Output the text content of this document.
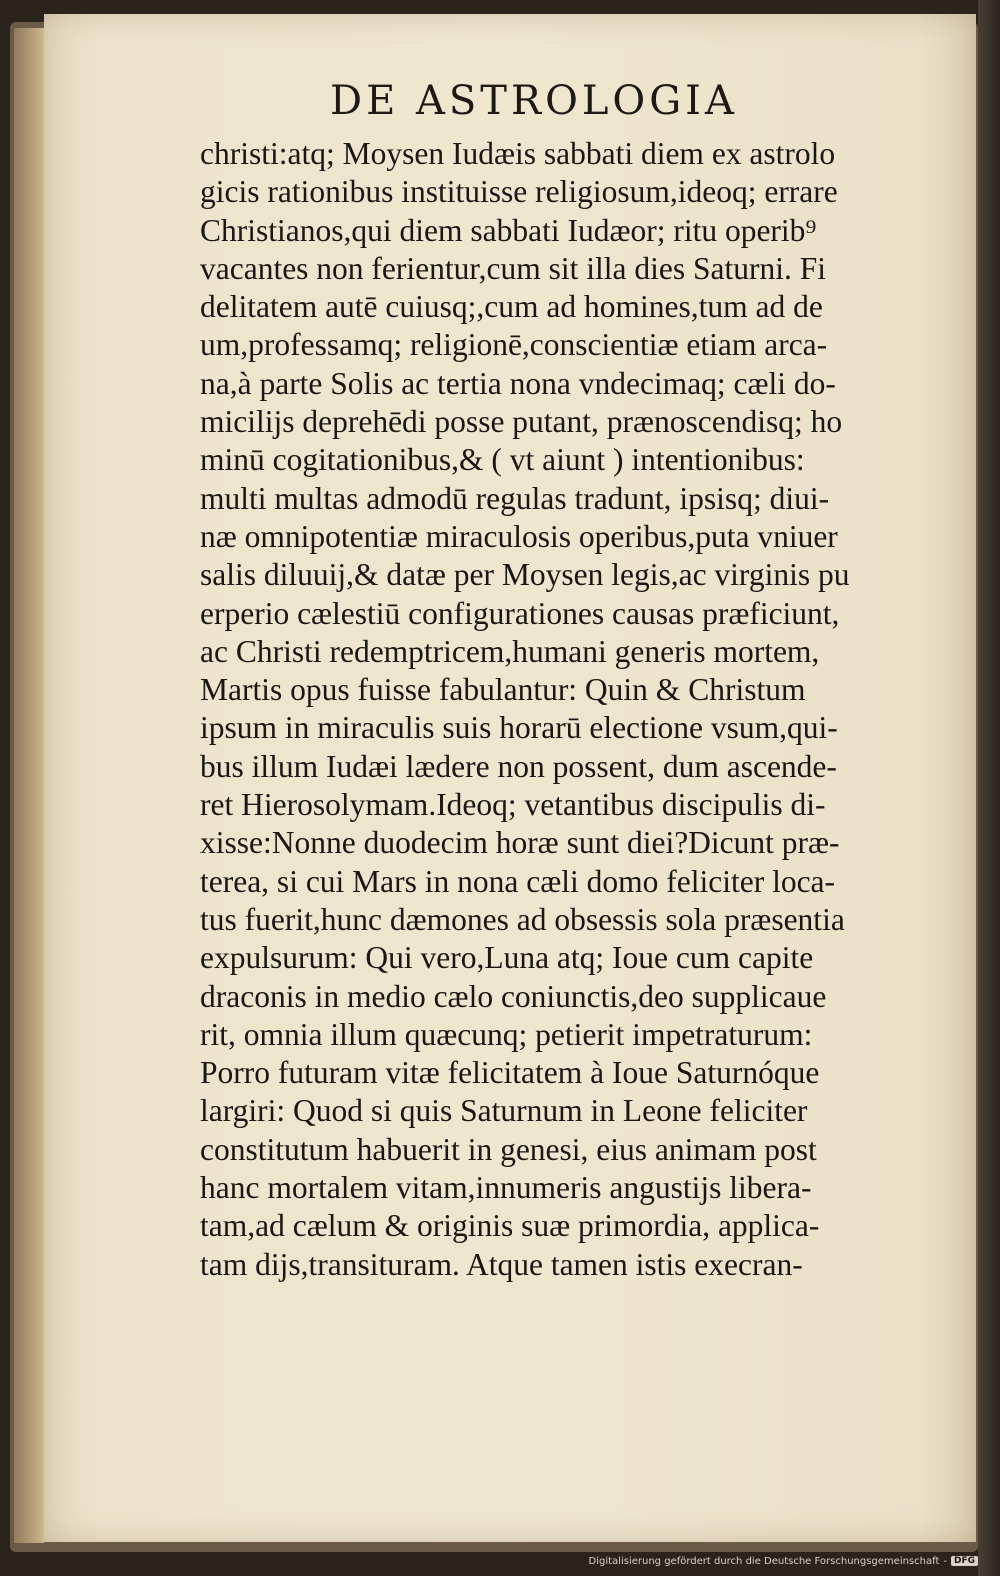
DE ASTROLOGIA
christi:atq; Moysen Iudæis sabbati diem ex astrolo
gicis rationibus instituisse religiosum,ideoq; errare
Christianos,qui diem sabbati Iudæor; ritu operib⁹
vacantes non ferientur,cum sit illa dies Saturni. Fi
delitatem autē cuiusq;,cum ad homines,tum ad de
um,professamq; religionē,conscientiæ etiam arca-
na,à parte Solis ac tertia nona vndecimaq; cæli do-
micilijs deprehēdi posse putant, prænoscendisq; ho
minū cogitationibus,& ( vt aiunt ) intentionibus:
multi multas admodū regulas tradunt, ipsisq; diui-
næ omnipotentiæ miraculosis operibus,puta vniuer
salis diluuij,& datæ per Moysen legis,ac virginis pu
erperio cælestiū configurationes causas præficiunt,
ac Christi redemptricem,humani generis mortem,
Martis opus fuisse fabulantur: Quin & Christum
ipsum in miraculis suis horarū electione vsum,qui-
bus illum Iudæi lædere non possent, dum ascende-
ret Hierosolymam.Ideoq; vetantibus discipulis di-
xisse:Nonne duodecim horæ sunt diei?Dicunt præ-
terea, si cui Mars in nona cæli domo feliciter loca-
tus fuerit,hunc dæmones ad obsessis sola præsentia
expulsurum: Qui vero,Luna atq; Ioue cum capite
draconis in medio cælo coniunctis,deo supplicaue
rit, omnia illum quæcunq; petierit impetraturum:
Porro futuram vitæ felicitatem à Ioue Saturnóque
largiri: Quod si quis Saturnum in Leone feliciter
constitutum habuerit in genesi, eius animam post
hanc mortalem vitam,innumeris angustijs libera-
tam,ad cælum & originis suæ primordia, applica-
tam dijs,transituram. Atque tamen istis execran-
Digitalisierung gefördert durch die Deutsche Forschungsgemeinschaft - DFG
